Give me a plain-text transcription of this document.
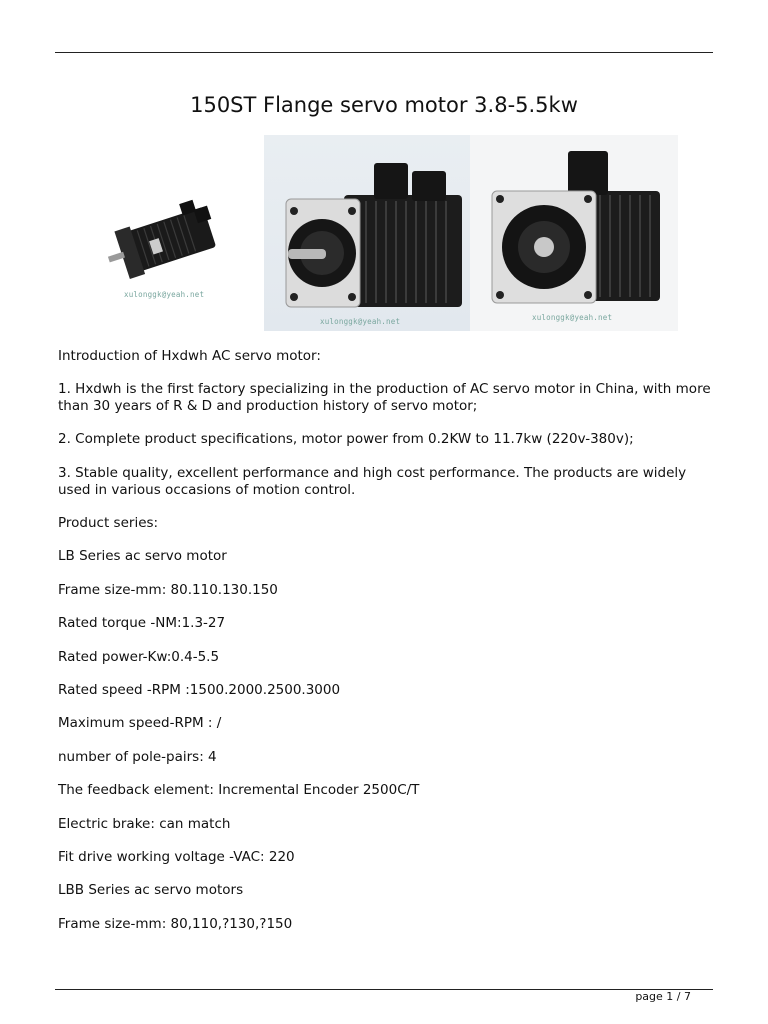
150ST Flange servo motor 3.8-5.5kw
xulonggk@yeah.net
xulonggk@yeah.net	xulonggk@yeah.net

Introduction of Hxdwh AC servo motor:

1. Hxdwh is the first factory specializing in the production of AC servo motor in China, with more than 30 years of R & D and production history of servo motor;

2. Complete product specifications, motor power from 0.2KW to 11.7kw (220v-380v);

3. Stable quality, excellent performance and high cost performance. The products are widely used in various occasions of motion control.

Product series:

LB Series ac servo motor

Frame size-mm: 80.110.130.150

Rated torque -NM:1.3-27

Rated power-Kw:0.4-5.5

Rated speed -RPM :1500.2000.2500.3000

Maximum speed-RPM : /

number of pole-pairs: 4

The feedback element: Incremental Encoder 2500C/T

Electric brake: can match

Fit drive working voltage -VAC: 220

LBB Series ac servo motors

Frame size-mm: 80,110,?130,?150

page 1 / 7
